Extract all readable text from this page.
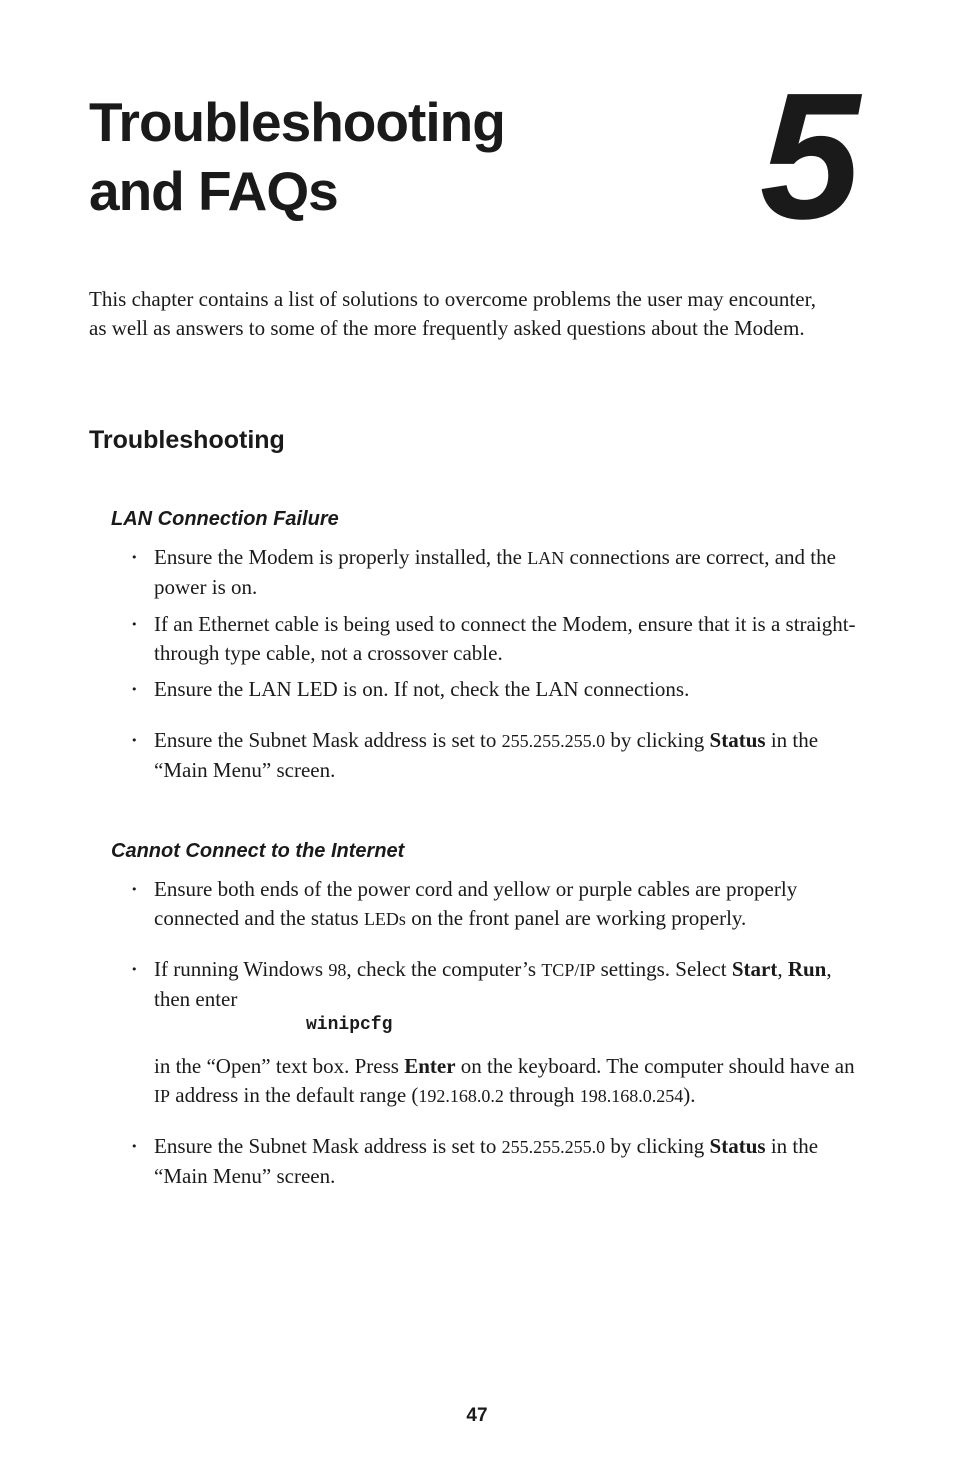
Troubleshooting
and FAQs	5

This chapter contains a list of solutions to overcome problems the user may encounter, as well as answers to some of the more frequently asked questions about the Modem.

Troubleshooting
LAN Connection Failure
• Ensure the Modem is properly installed, the LAN connections are correct, and the power is on.
• If an Ethernet cable is being used to connect the Modem, ensure that it is a straight-through type cable, not a crossover cable.
• Ensure the LAN LED is on. If not, check the LAN connections.
• Ensure the Subnet Mask address is set to 255.255.255.0 by clicking Status in the “Main Menu” screen.
Cannot Connect to the Internet
• Ensure both ends of the power cord and yellow or purple cables are properly connected and the status LEDs on the front panel are working properly.
• If running Windows 98, check the computer’s TCP/IP settings. Select Start, Run, then enter
winipcfg
in the “Open” text box. Press Enter on the keyboard. The computer should have an IP address in the default range (192.168.0.2 through 198.168.0.254).
• Ensure the Subnet Mask address is set to 255.255.255.0 by clicking Status in the “Main Menu” screen.
47
